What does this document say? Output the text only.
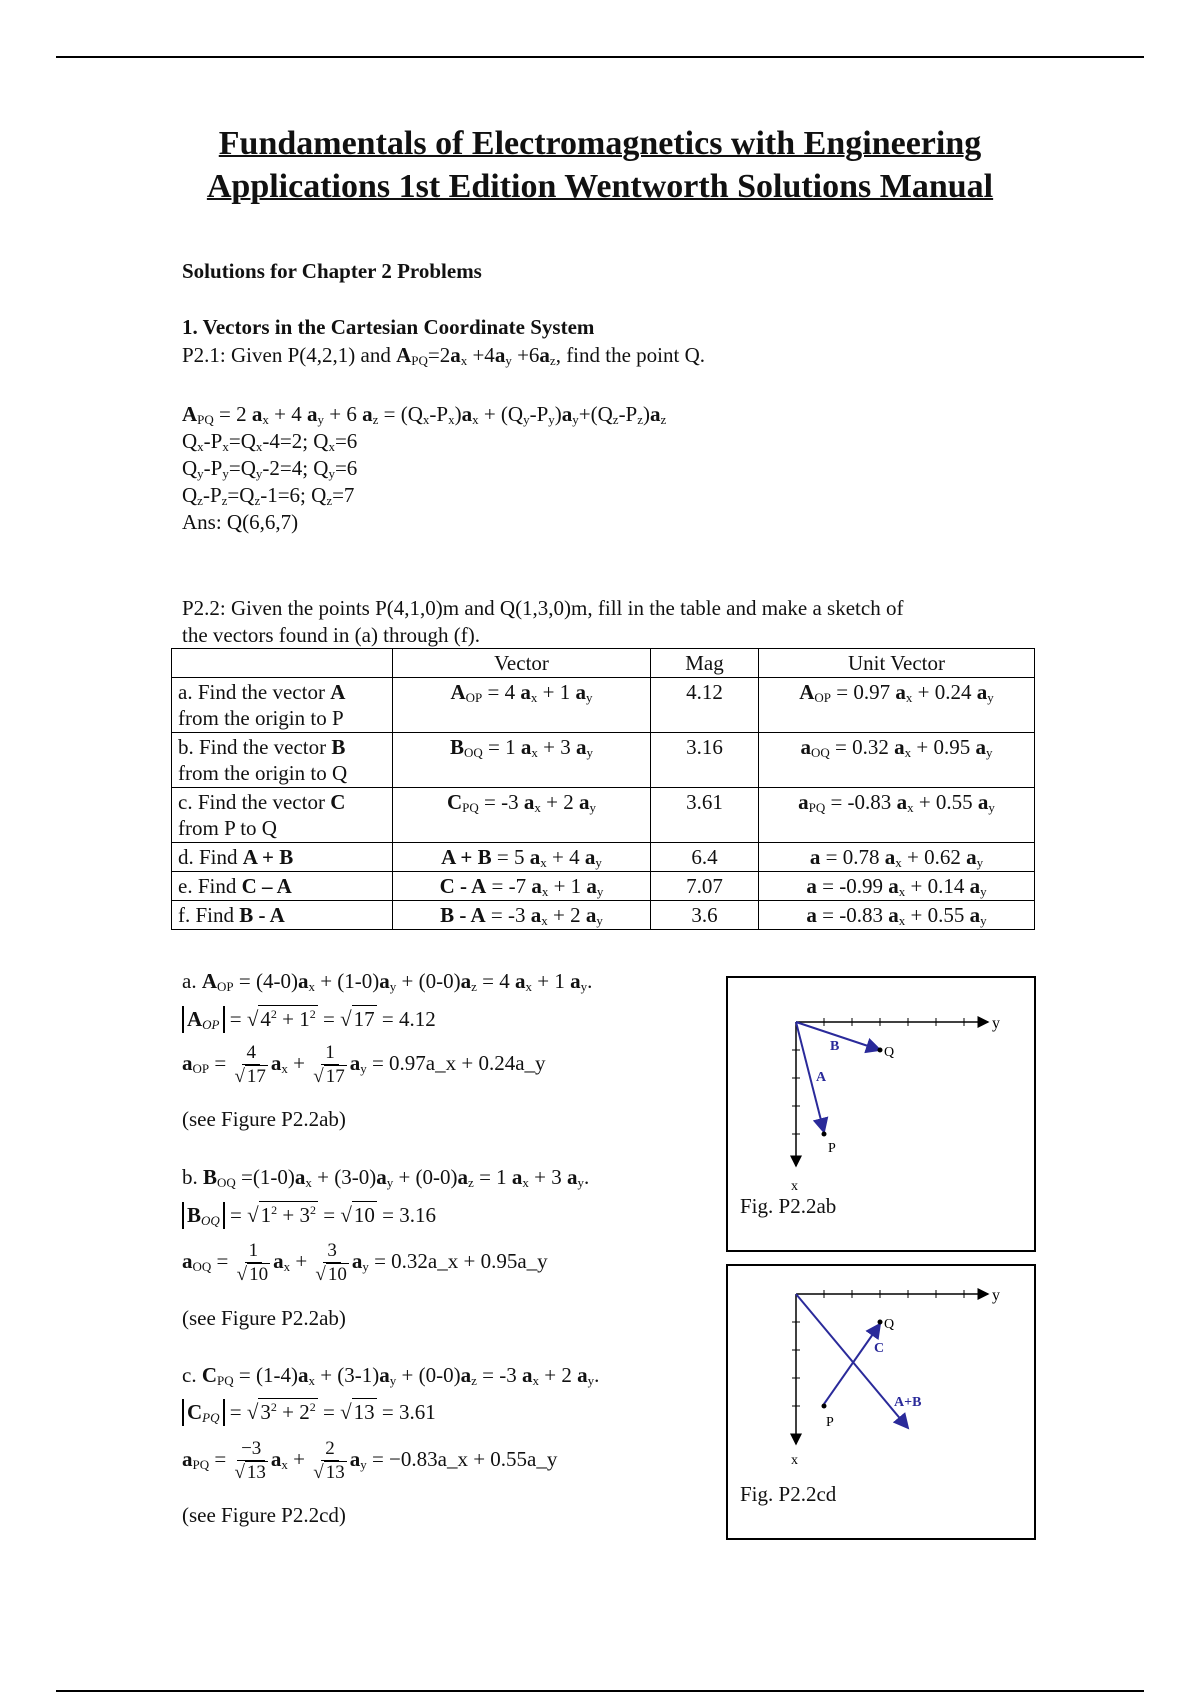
Fundamentals of Electromagnetics with Engineering
Applications 1st Edition Wentworth Solutions Manual
Solutions for Chapter 2 Problems
1. Vectors in the Cartesian Coordinate System
P2.1: Given P(4,2,1) and $A_{PQ}=2a_x +4a_y +6a_z$, find the point Q.
$A_{PQ} = 2$ $a_x + 4$ $a_y + 6$ $a_z = (Q_x-P_x)a_x + (Q_y-P_y)a_y+(Q_z-P_z)a_z$
$Q_x-P_x=Q_x-4=2$; $Q_x=6$
$Q_y-P_y=Q_y-2=4$; $Q_y=6$
$Q_z-P_z=Q_z-1=6$; $Q_z=7$
Ans: Q(6,6,7)
P2.2: Given the points P(4,1,0)m and Q(1,3,0)m, fill in the table and make a sketch of
the vectors found in (a) through (f).
	Vector	Mag	Unit Vector
a. Find the vector A from the origin to P	$A_{OP} = 4$ $a_x + 1$ $a_y$	4.12	$A_{OP} = 0.97$ $a_x + 0.24$ $a_y$
b. Find the vector B from the origin to Q	$B_{OQ} = 1$ $a_x + 3$ $a_y$	3.16	$a_{OQ} = 0.32$ $a_x + 0.95$ $a_y$
c. Find the vector C from P to Q	$C_{PQ} = -3$ $a_x + 2$ $a_y$	3.61	$a_{PQ} = -0.83$ $a_x + 0.55$ $a_y$
d. Find A + B	A + B = 5 $a_x + 4$ $a_y$	6.4	a = 0.78 $a_x + 0.62$ $a_y$
e. Find C – A	C - A = -7 $a_x + 1$ $a_y$	7.07	a = -0.99 $a_x + 0.14$ $a_y$
f. Find B - A	B - A = -3 $a_x + 2$ $a_y$	3.6	a = -0.83 $a_x + 0.55$ $a_y$
a. $A_{OP} = (4-0)a_x + (1-0)a_y + (0-0)a_z = 4$ $a_x + 1$ $a_y$.
$A_{OP} = √4^2 + 1^2 = √17 = 4.12$
$a_{OP} = \frac{4}{√ 17} a_x + \frac{1}{√ 17} a_y$ = 0.97a_x + 0.24a_y
(see Figure P2.2ab)
b. $B_{OQ} =(1-0)a_x + (3-0)a_y + (0-0)a_z = 1$ $a_x + 3$ $a_y$.
$B_{OQ} = √1^2 + 3^2 = √10 = 3.16$
$a_{OQ} = \frac{1}{√ 10} a_x + \frac{3}{√ 10} a_y$ = 0.32a_x + 0.95a_y
(see Figure P2.2ab)
c. $C_{PQ} = (1-4)a_x + (3-1)a_y + (0-0)a_z = -3$ $a_x + 2$ $a_y$.
$C_{PQ} = √3^2 + 2^2 = √13 = 3.61$
$a_{PQ} = \frac{-3}{√ 13} a_x + \frac{2}{√ 13} a_y$ = −0.83a_x + 0.55a_y
(see Figure P2.2cd)
y
x
A
B
P
Q
Fig. P2.2ab
y
x
C
A+B
P
Q
Fig. P2.2cd
